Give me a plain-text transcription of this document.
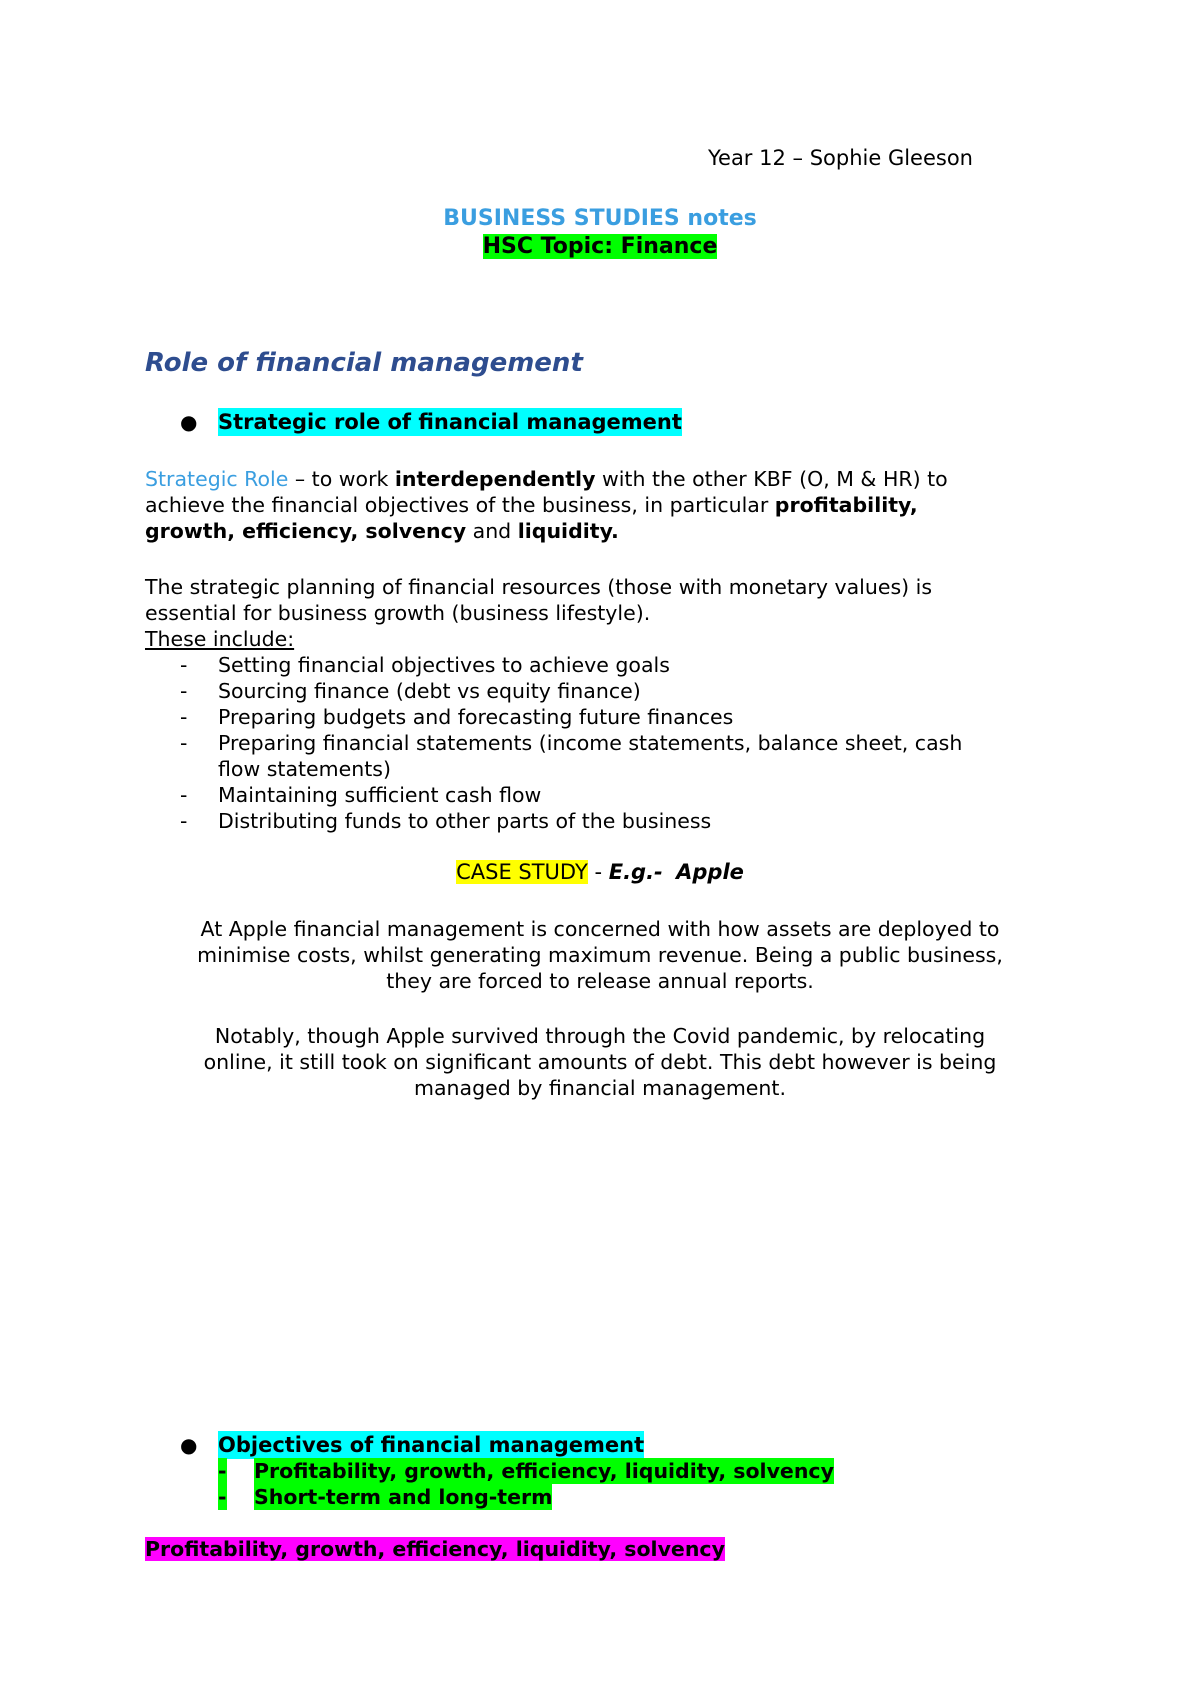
Year 12 – Sophie Gleeson
BUSINESS STUDIES notes
HSC Topic: Finance
Role of financial management
● Strategic role of financial management
Strategic Role – to work interdependently with the other KBF (O, M & HR) to
achieve the financial objectives of the business, in particular profitability,
growth, efficiency, solvency and liquidity.
The strategic planning of financial resources (those with monetary values) is
essential for business growth (business lifestyle).
These include:
- Setting financial objectives to achieve goals
- Sourcing finance (debt vs equity finance)
- Preparing budgets and forecasting future finances
- Preparing financial statements (income statements, balance sheet, cash
flow statements)
- Maintaining sufficient cash flow
- Distributing funds to other parts of the business
CASE STUDY - E.g.- Apple
At Apple financial management is concerned with how assets are deployed to
minimise costs, whilst generating maximum revenue. Being a public business,
they are forced to release annual reports.
Notably, though Apple survived through the Covid pandemic, by relocating
online, it still took on significant amounts of debt. This debt however is being
managed by financial management.
● Objectives of financial management
- Profitability, growth, efficiency, liquidity, solvency
- Short-term and long-term
Profitability, growth, efficiency, liquidity, solvency
